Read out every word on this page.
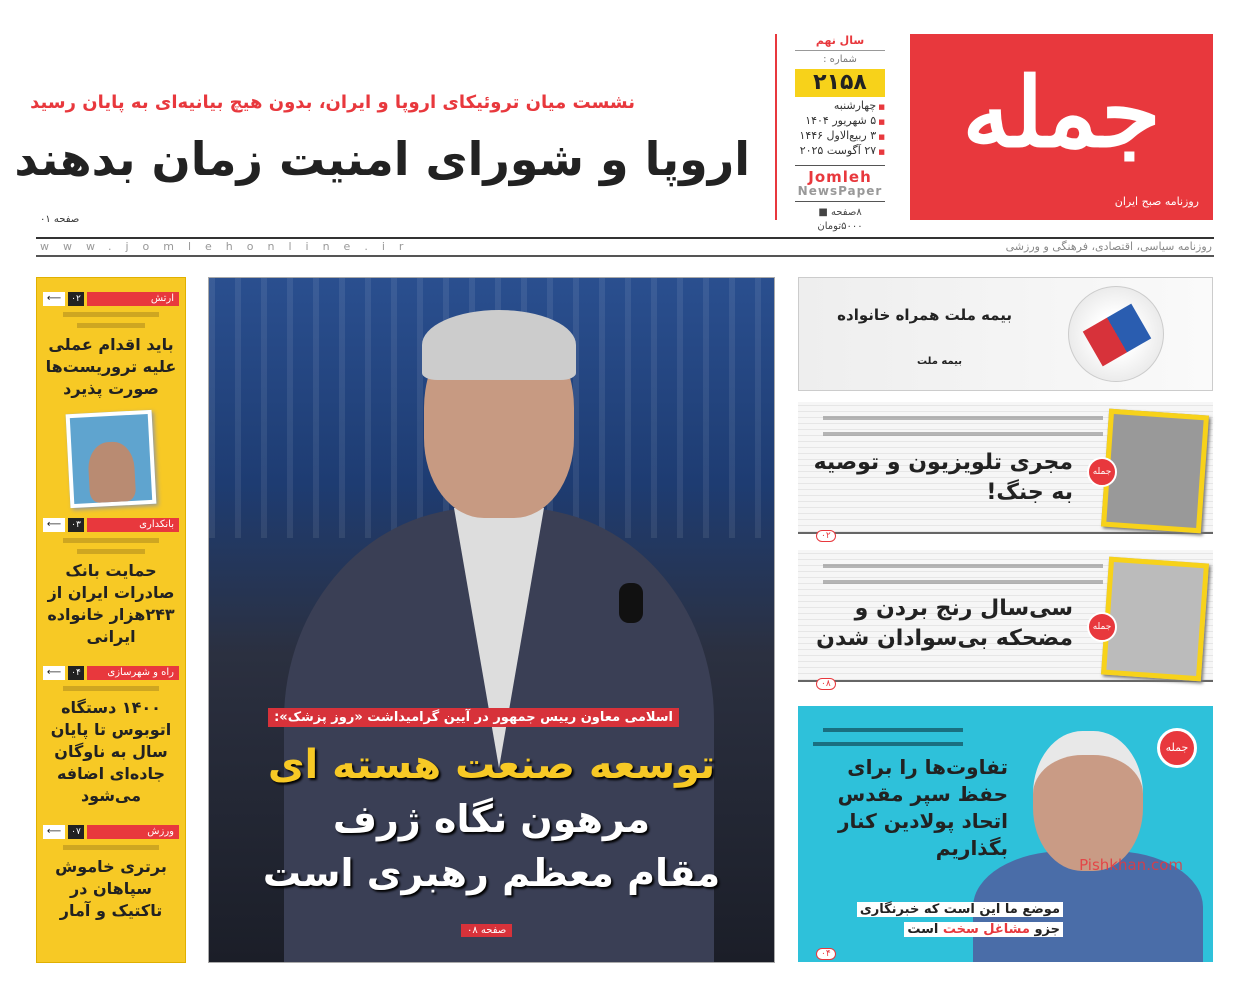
جمله
روزنامه صبح ایران
سال نهم
شماره :
۲۱۵۸
■ چهارشنبه
■ ۵ شهریور ۱۴۰۴
■ ۳ ربیع‌الاول ۱۴۴۶
■ ۲۷ آگوست ۲۰۲۵
Jomleh
NewsPaper
۸صفحه ■ ۵۰۰۰تومان
نشست میان تروئیکای اروپا و ایران، بدون هیچ بیانیه‌ای به پایان رسید
اروپا و شورای امنیت زمان بدهند
صفحه ۰۱
www.jomlehonline.ir	روزنامه سیاسی، اقتصادی، فرهنگی و ورزشی
⟵	۰۲	ارتش
باید اقدام عملی علیه تروریست‌ها صورت پذیرد
⟵	۰۳	بانکداری
حمایت بانک صادرات ایران از ۲۴۳هزار خانواده ایرانی
⟵	۰۴	راه و شهرسازی
۱۴۰۰ دستگاه اتوبوس تا پایان سال به ناوگان جاده‌ای اضافه می‌شود
⟵	۰۷	ورزش
برتری خاموش سپاهان در تاکتیک و آمار
اسلامی معاون رییس جمهور در آیین گرامیداشت «روز پزشک»:
توسعه صنعت هسته ای
مرهون نگاه ژرف
مقام معظم رهبری است
صفحه ۰۸
بیمه ملت همراه خانواده
بیمه ملت
مجری تلویزیون و توصیه به جنگ!
جمله
۰۲
سی‌سال رنج بردن و مضحکه بی‌سوادان شدن	جمله
۰۸
Pishkhan.com
جمله
تفاوت‌ها را برای حفظ سپر مقدس اتحاد پولادین کنار بگذاریم
موضع ما این است که خبرنگاری
جزو مشاغل سخت است
۰۴
